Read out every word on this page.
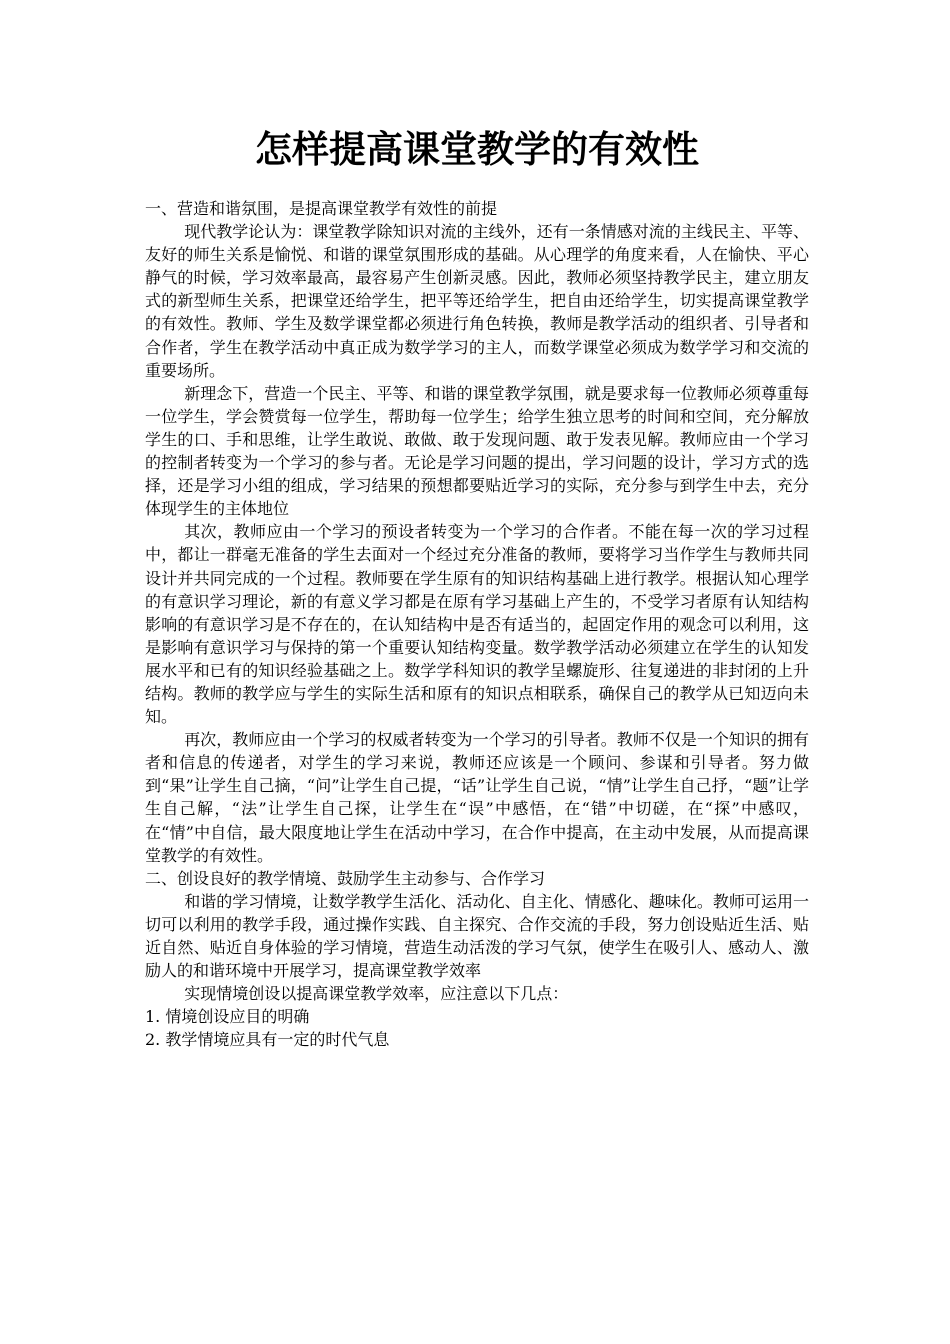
怎样提高课堂教学的有效性

一、营造和谐氛围，是提高课堂教学有效性的前提

现代教学论认为：课堂教学除知识对流的主线外，还有一条情感对流的主线民主、平等、友好的师生关系是愉悦、和谐的课堂氛围形成的基础。从心理学的角度来看，人在愉快、平心静气的时候，学习效率最高，最容易产生创新灵感。因此，教师必须坚持教学民主，建立朋友式的新型师生关系，把课堂还给学生，把平等还给学生，把自由还给学生，切实提高课堂教学的有效性。教师、学生及数学课堂都必须进行角色转换，教师是教学活动的组织者、引导者和合作者，学生在教学活动中真正成为数学学习的主人，而数学课堂必须成为数学学习和交流的重要场所。

新理念下，营造一个民主、平等、和谐的课堂教学氛围，就是要求每一位教师必须尊重每一位学生，学会赞赏每一位学生，帮助每一位学生；给学生独立思考的时间和空间，充分解放学生的口、手和思维，让学生敢说、敢做、敢于发现问题、敢于发表见解。教师应由一个学习的控制者转变为一个学习的参与者。无论是学习问题的提出，学习问题的设计，学习方式的选择，还是学习小组的组成，学习结果的预想都要贴近学习的实际，充分参与到学生中去，充分体现学生的主体地位

其次，教师应由一个学习的预设者转变为一个学习的合作者。不能在每一次的学习过程中，都让一群毫无准备的学生去面对一个经过充分准备的教师，要将学习当作学生与教师共同设计并共同完成的一个过程。教师要在学生原有的知识结构基础上进行教学。根据认知心理学的有意识学习理论，新的有意义学习都是在原有学习基础上产生的，不受学习者原有认知结构影响的有意识学习是不存在的，在认知结构中是否有适当的，起固定作用的观念可以利用，这是影响有意识学习与保持的第一个重要认知结构变量。数学教学活动必须建立在学生的认知发展水平和已有的知识经验基础之上。数学学科知识的教学呈螺旋形、往复递进的非封闭的上升结构。教师的教学应与学生的实际生活和原有的知识点相联系，确保自己的教学从已知迈向未知。

再次，教师应由一个学习的权威者转变为一个学习的引导者。教师不仅是一个知识的拥有者和信息的传递者，对学生的学习来说，教师还应该是一个顾问、参谋和引导者。努力做到“果”让学生自己摘，“问”让学生自己提，“话”让学生自己说，“情”让学生自己抒，“题”让学生自己解，“法”让学生自己探，让学生在“误”中感悟，在“错”中切磋，在“探”中感叹，在“情”中自信，最大限度地让学生在活动中学习，在合作中提高，在主动中发展，从而提高课堂教学的有效性。

二、创设良好的教学情境、鼓励学生主动参与、合作学习

和谐的学习情境，让数学教学生活化、活动化、自主化、情感化、趣味化。教师可运用一切可以利用的教学手段，通过操作实践、自主探究、合作交流的手段，努力创设贴近生活、贴近自然、贴近自身体验的学习情境，营造生动活泼的学习气氛，使学生在吸引人、感动人、激励人的和谐环境中开展学习，提高课堂教学效率

实现情境创设以提高课堂教学效率，应注意以下几点：

1. 情境创设应目的明确

2. 教学情境应具有一定的时代气息
